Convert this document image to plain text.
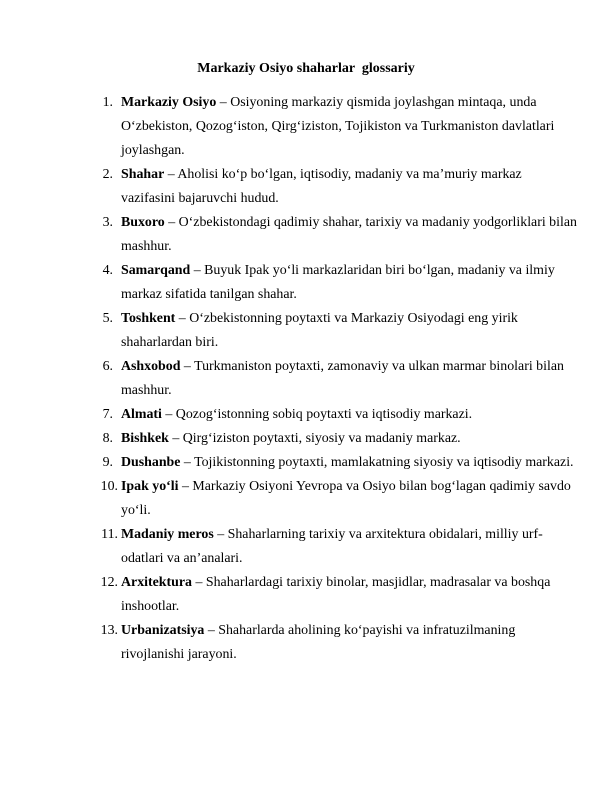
Markaziy Osiyo shaharlar  glossariy
1. Markaziy Osiyo – Osiyoning markaziy qismida joylashgan mintaqa, unda O‘zbekiston, Qozog‘iston, Qirg‘iziston, Tojikiston va Turkmaniston davlatlari joylashgan.
2. Shahar – Aholisi ko‘p bo‘lgan, iqtisodiy, madaniy va ma’muriy markaz vazifasini bajaruvchi hudud.
3. Buxoro – O‘zbekistondagi qadimiy shahar, tarixiy va madaniy yodgorliklari bilan mashhur.
4. Samarqand – Buyuk Ipak yo‘li markazlaridan biri bo‘lgan, madaniy va ilmiy markaz sifatida tanilgan shahar.
5. Toshkent – O‘zbekistonning poytaxti va Markaziy Osiyodagi eng yirik shaharlardan biri.
6. Ashxobod – Turkmaniston poytaxti, zamonaviy va ulkan marmar binolari bilan mashhur.
7. Almati – Qozog‘istonning sobiq poytaxti va iqtisodiy markazi.
8. Bishkek – Qirg‘iziston poytaxti, siyosiy va madaniy markaz.
9. Dushanbe – Tojikistonning poytaxti, mamlakatning siyosiy va iqtisodiy markazi.
10. Ipak yo‘li – Markaziy Osiyoni Yevropa va Osiyo bilan bog‘lagan qadimiy savdo yo‘li.
11. Madaniy meros – Shaharlarning tarixiy va arxitektura obidalari, milliy urf-odatlari va an’analari.
12. Arxitektura – Shaharlardagi tarixiy binolar, masjidlar, madrasalar va boshqa inshootlar.
13. Urbanizatsiya – Shaharlarda aholining ko‘payishi va infratuzilmaning rivojlanishi jarayoni.
